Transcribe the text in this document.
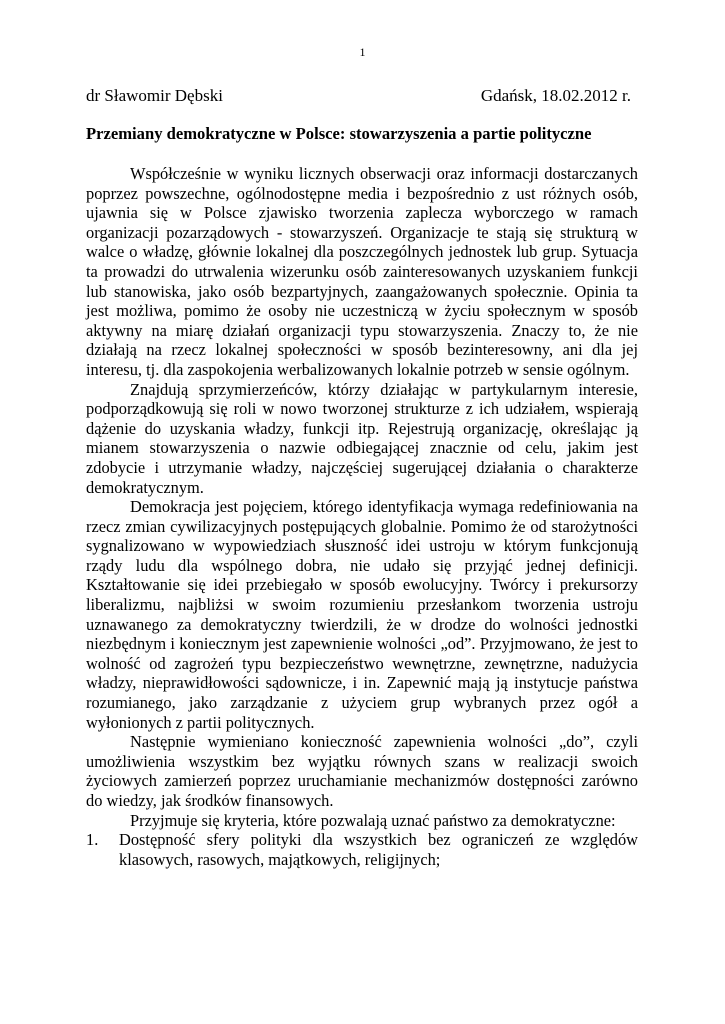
1
dr Sławomir Dębski	Gdańsk, 18.02.2012 r.
Przemiany demokratyczne w Polsce: stowarzyszenia a partie polityczne

Współcześnie w wyniku licznych obserwacji oraz informacji dostarczanych poprzez powszechne, ogólnodostępne media i bezpośrednio z ust różnych osób, ujawnia się w Polsce zjawisko tworzenia zaplecza wyborczego w ramach organizacji pozarządowych - stowarzyszeń. Organizacje te stają się strukturą w walce o władzę, głównie lokalnej dla poszczególnych jednostek lub grup. Sytuacja ta prowadzi do utrwalenia wizerunku osób zainteresowanych uzyskaniem funkcji lub stanowiska, jako osób bezpartyjnych, zaangażowanych społecznie. Opinia ta jest możliwa, pomimo że osoby nie uczestniczą w życiu społecznym w sposób aktywny na miarę działań organizacji typu stowarzyszenia. Znaczy to, że nie działają na rzecz lokalnej społeczności w sposób bezinteresowny, ani dla jej interesu, tj. dla zaspokojenia werbalizowanych lokalnie potrzeb w sensie ogólnym.

Znajdują sprzymierzeńców, którzy działając w partykularnym interesie, podporządkowują się roli w nowo tworzonej strukturze z ich udziałem, wspierają dążenie do uzyskania władzy, funkcji itp. Rejestrują organizację, określając ją mianem stowarzyszenia o nazwie odbiegającej znacznie od celu, jakim jest zdobycie i utrzymanie władzy, najczęściej sugerującej działania o charakterze demokratycznym.

Demokracja jest pojęciem, którego identyfikacja wymaga redefiniowania na rzecz zmian cywilizacyjnych postępujących globalnie. Pomimo że od starożytności sygnalizowano w wypowiedziach słuszność idei ustroju w którym funkcjonują rządy ludu dla wspólnego dobra, nie udało się przyjąć jednej definicji. Kształtowanie się idei przebiegało w sposób ewolucyjny. Twórcy i prekursorzy liberalizmu, najbliżsi w swoim rozumieniu przesłankom tworzenia ustroju uznawanego za demokratyczny twierdzili, że w drodze do wolności jednostki niezbędnym i koniecznym jest zapewnienie wolności „od”. Przyjmowano, że jest to wolność od zagrożeń typu bezpieczeństwo wewnętrzne, zewnętrzne, nadużycia władzy, nieprawidłowości sądownicze, i in. Zapewnić mają ją instytucje państwa rozumianego, jako zarządzanie z użyciem grup wybranych przez ogół a wyłonionych z partii politycznych.

Następnie wymieniano konieczność zapewnienia wolności „do”, czyli umożliwienia wszystkim bez wyjątku równych szans w realizacji swoich życiowych zamierzeń poprzez uruchamianie mechanizmów dostępności zarówno do wiedzy, jak środków finansowych.

Przyjmuje się kryteria, które pozwalają uznać państwo za demokratyczne:

1.	Dostępność sfery polityki dla wszystkich bez ograniczeń ze względów klasowych, rasowych, majątkowych, religijnych;
